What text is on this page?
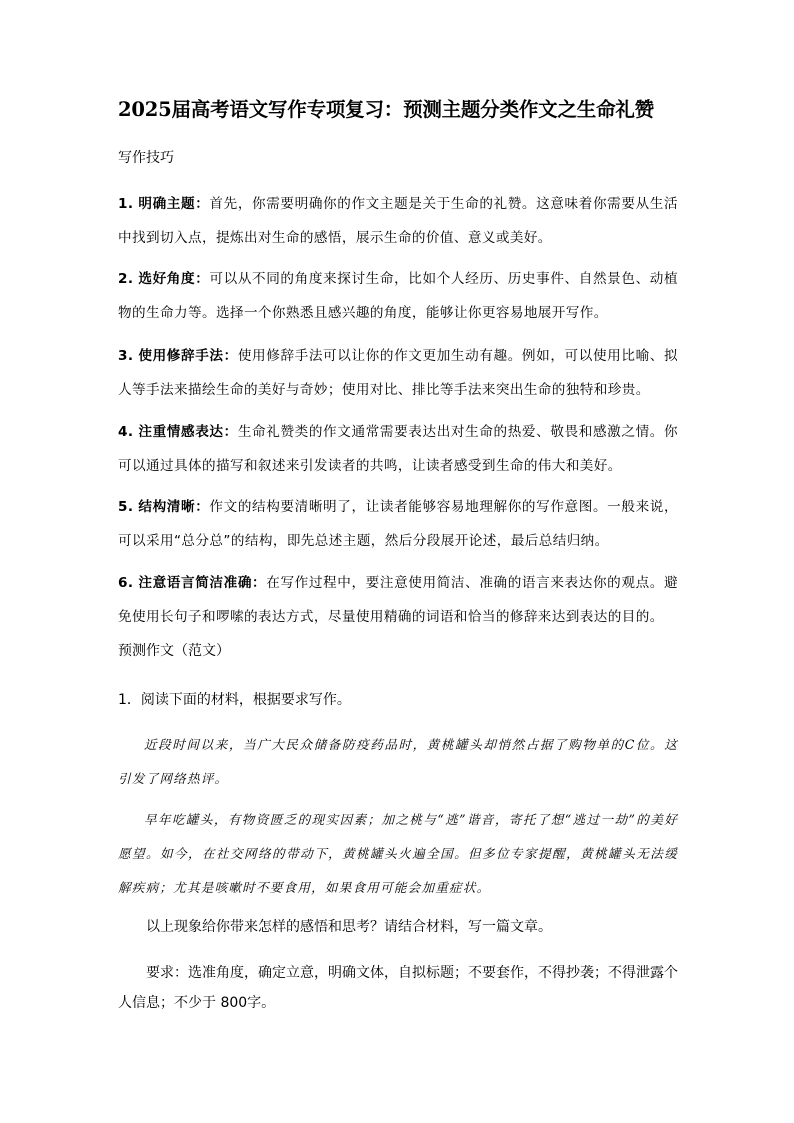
2025届高考语文写作专项复习：预测主题分类作文之生命礼赞
写作技巧
1. 明确主题：首先，你需要明确你的作文主题是关于生命的礼赞。这意味着你需要从生活中找到切入点，提炼出对生命的感悟，展示生命的价值、意义或美好。
2. 选好角度：可以从不同的角度来探讨生命，比如个人经历、历史事件、自然景色、动植物的生命力等。选择一个你熟悉且感兴趣的角度，能够让你更容易地展开写作。
3. 使用修辞手法：使用修辞手法可以让你的作文更加生动有趣。例如，可以使用比喻、拟人等手法来描绘生命的美好与奇妙；使用对比、排比等手法来突出生命的独特和珍贵。
4. 注重情感表达：生命礼赞类的作文通常需要表达出对生命的热爱、敬畏和感激之情。你可以通过具体的描写和叙述来引发读者的共鸣，让读者感受到生命的伟大和美好。
5. 结构清晰：作文的结构要清晰明了，让读者能够容易地理解你的写作意图。一般来说，可以采用“总分总”的结构，即先总述主题，然后分段展开论述，最后总结归纳。
6. 注意语言简洁准确：在写作过程中，要注意使用简洁、准确的语言来表达你的观点。避免使用长句子和啰嗦的表达方式，尽量使用精确的词语和恰当的修辞来达到表达的目的。
预测作文（范文）
1．阅读下面的材料，根据要求写作。
近段时间以来，当广大民众储备防疫药品时，黄桃罐头却悄然占据了购物单的C位。这引发了网络热评。
早年吃罐头，有物资匮乏的现实因素；加之桃与“逃”谐音，寄托了想“逃过一劫”的美好愿望。如今，在社交网络的带动下，黄桃罐头火遍全国。但多位专家提醒，黄桃罐头无法缓解疾病；尤其是咳嗽时不要食用，如果食用可能会加重症状。
以上现象给你带来怎样的感悟和思考？请结合材料，写一篇文章。
要求：选准角度，确定立意，明确文体，自拟标题；不要套作，不得抄袭；不得泄露个人信息；不少于 800字。
